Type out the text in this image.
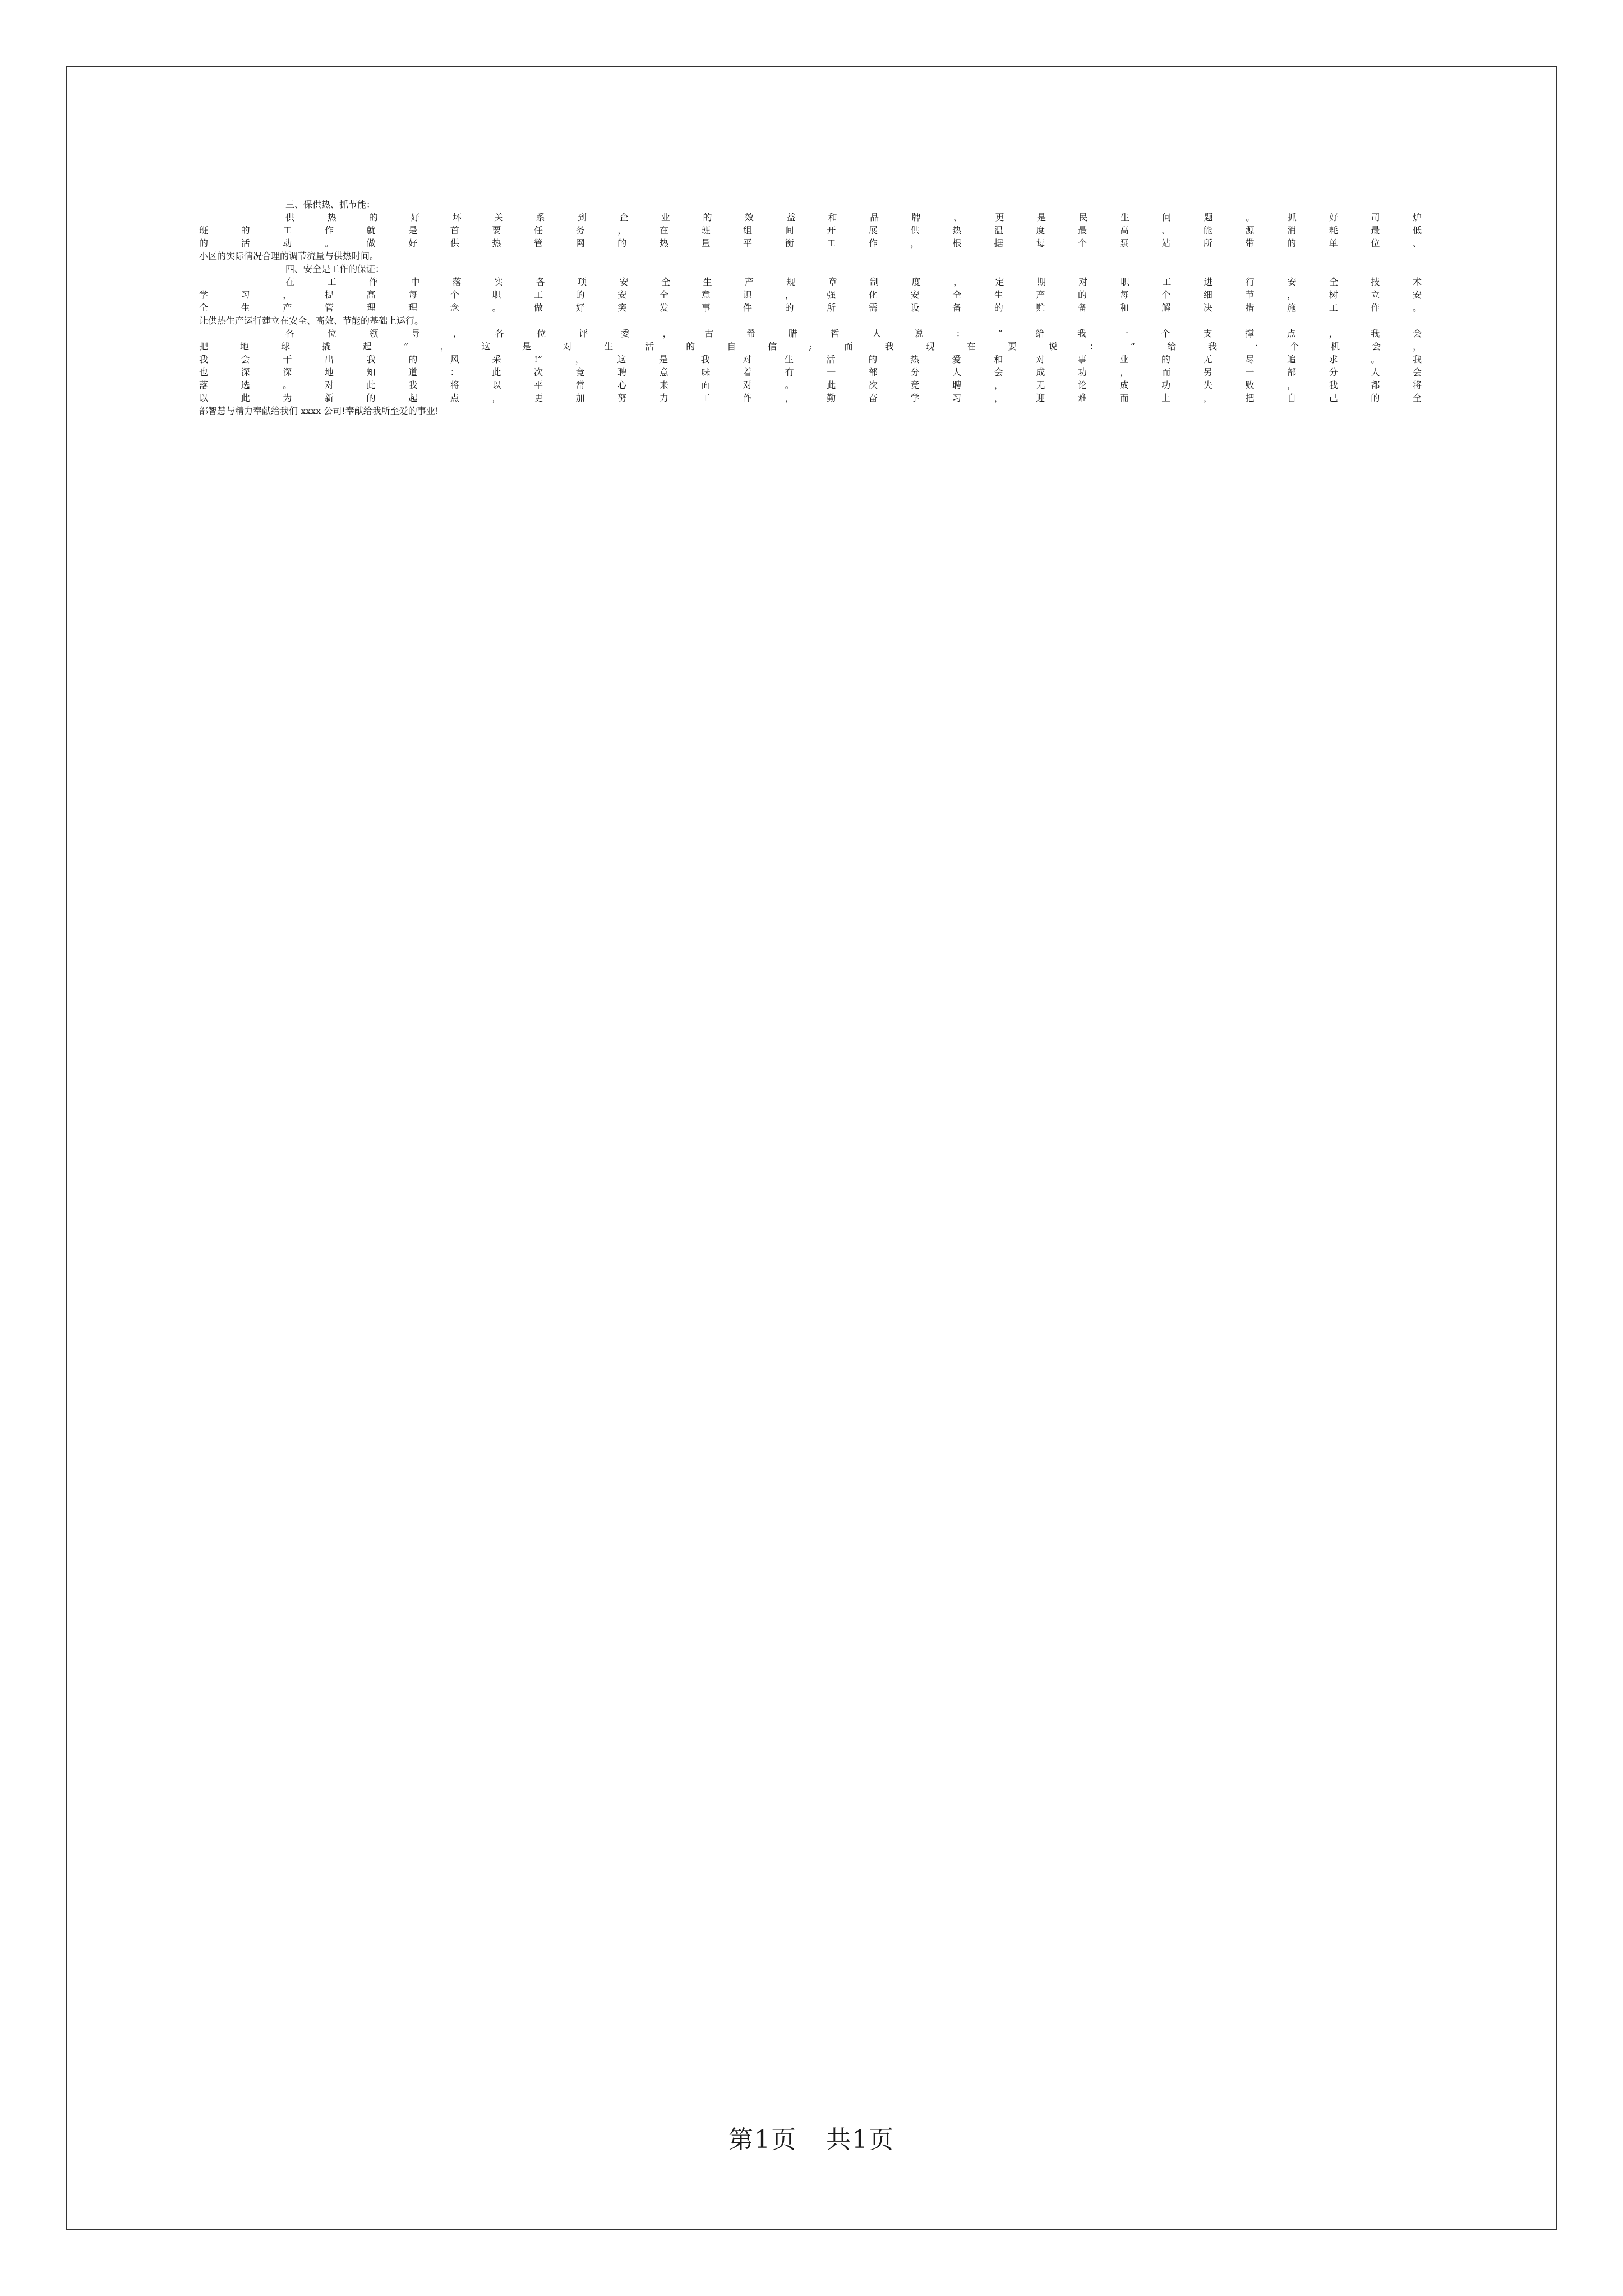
三、保供热、抓节能：
供热的好坏关系到企业的效益和品牌、更是民生问题。抓好司炉
班的工作就是首要任务，在班组间开展供热温度最高、能源消耗最低
的活动。做好供热管网的热量平衡工作，根据每个泵站所带的单位、
小区的实际情况合理的调节流量与供热时间。
四、安全是工作的保证：
在工作中落实各项安全生产规章制度，定期对职工进行安全技术
学习，提高每个职工的安全意识，强化安全生产的每个细节，树立安
全生产管理理念。做好突发事件的所需设备的贮备和解决措施工作。
让供热生产运行建立在安全、高效、节能的基础上运行。
各位领导，各位评委，古希腊哲人说：“给我一个支撑点，我会
把地球撬起”，这是对生活的自信;而我现在要说：“给我一个机会，
我会干出我的风采!”，这是我对生活的热爱和对事业的无尽追求。我
也深深地知道：此次竞聘意味着有一部分人会成功，而另一部分人会
落选。对此我将以平常心来面对。此次竞聘，无论成功失败，我都将
以此为新的起点，更加努力工作，勤奋学习，迎难而上，把自己的全
部智慧与精力奉献给我们 xxxx 公司!奉献给我所至爱的事业!
第1页 共1页
